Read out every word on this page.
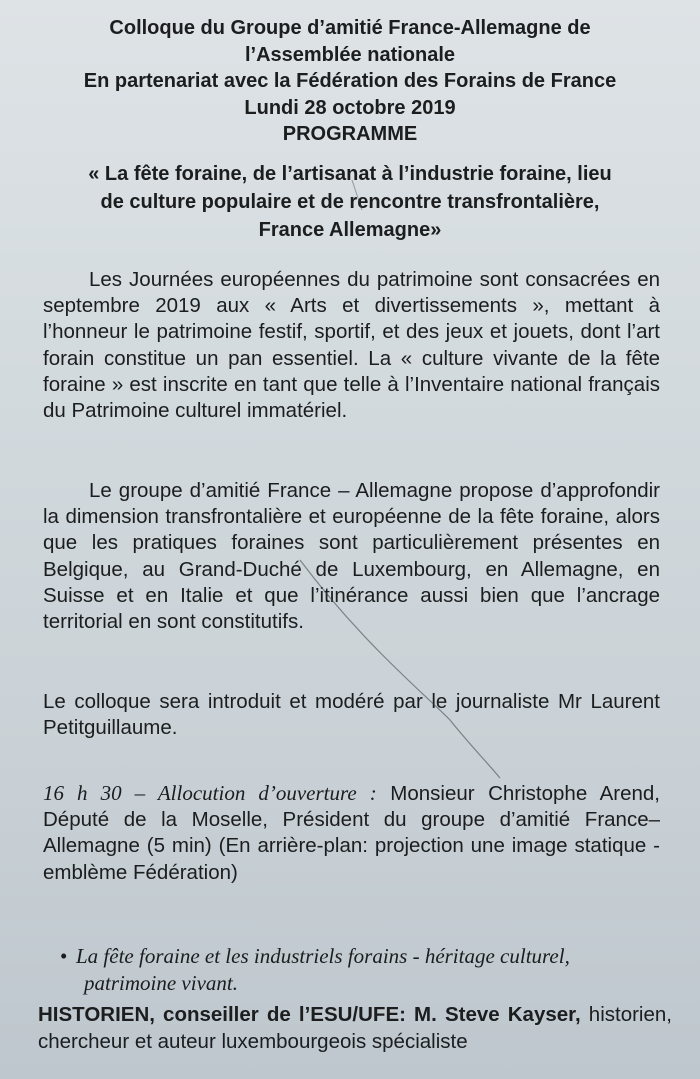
Colloque du Groupe d’amitié France-Allemagne de
l’Assemblée nationale
En partenariat avec la Fédération des Forains de France
Lundi 28 octobre 2019
PROGRAMME
« La fête foraine, de l’artisanat à l’industrie foraine, lieu
de culture populaire et de rencontre transfrontalière,
France Allemagne»
Les Journées européennes du patrimoine sont consacrées en septembre 2019 aux « Arts et divertissements », mettant à l’honneur le patrimoine festif, sportif, et des jeux et jouets, dont l’art forain constitue un pan essentiel. La « culture vivante de la fête foraine » est inscrite en tant que telle à l’Inventaire national français du Patrimoine culturel immatériel.
Le groupe d’amitié France – Allemagne propose d’approfondir la dimension transfrontalière et européenne de la fête foraine, alors que les pratiques foraines sont particulièrement présentes en Belgique, au Grand-Duché de Luxembourg, en Allemagne, en Suisse et en Italie et que l’itinérance aussi bien que l’ancrage territorial en sont constitutifs.
Le colloque sera introduit et modéré par le journaliste Mr Laurent Petitguillaume.
16 h 30 – Allocution d’ouverture : Monsieur Christophe Arend, Député de la Moselle, Président du groupe d’amitié France–Allemagne (5 min) (En arrière-plan: projection une image statique - emblème Fédération)
• La fête foraine et les industriels forains - héritage culturel,
patrimoine vivant.
HISTORIEN, conseiller de l’ESU/UFE: M. Steve Kayser, historien, chercheur et auteur luxembourgeois spécialiste
